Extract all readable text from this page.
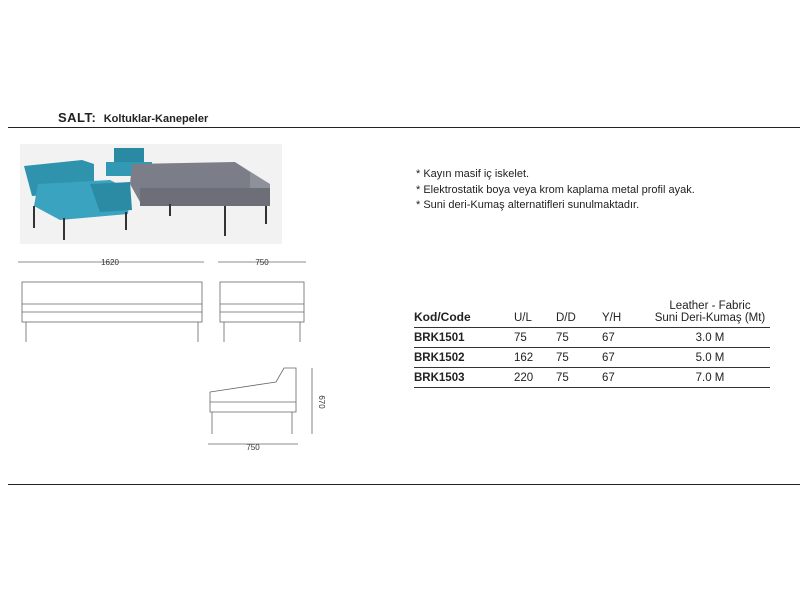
SALT: Koltuklar-Kanepeler
1620	750
750
670
* Kayın masif iç iskelet.
* Elektrostatik boya veya krom kaplama metal profil ayak.
* Suni deri-Kumaş alternatifleri sunulmaktadır.
Kod/Code	U/L	D/D	Y/H	Leather - Fabric
Suni Deri-Kumaş (Mt)

BRK1501	75	75	67	3.0 M
BRK1502	162	75	67	5.0 M
BRK1503	220	75	67	7.0 M
